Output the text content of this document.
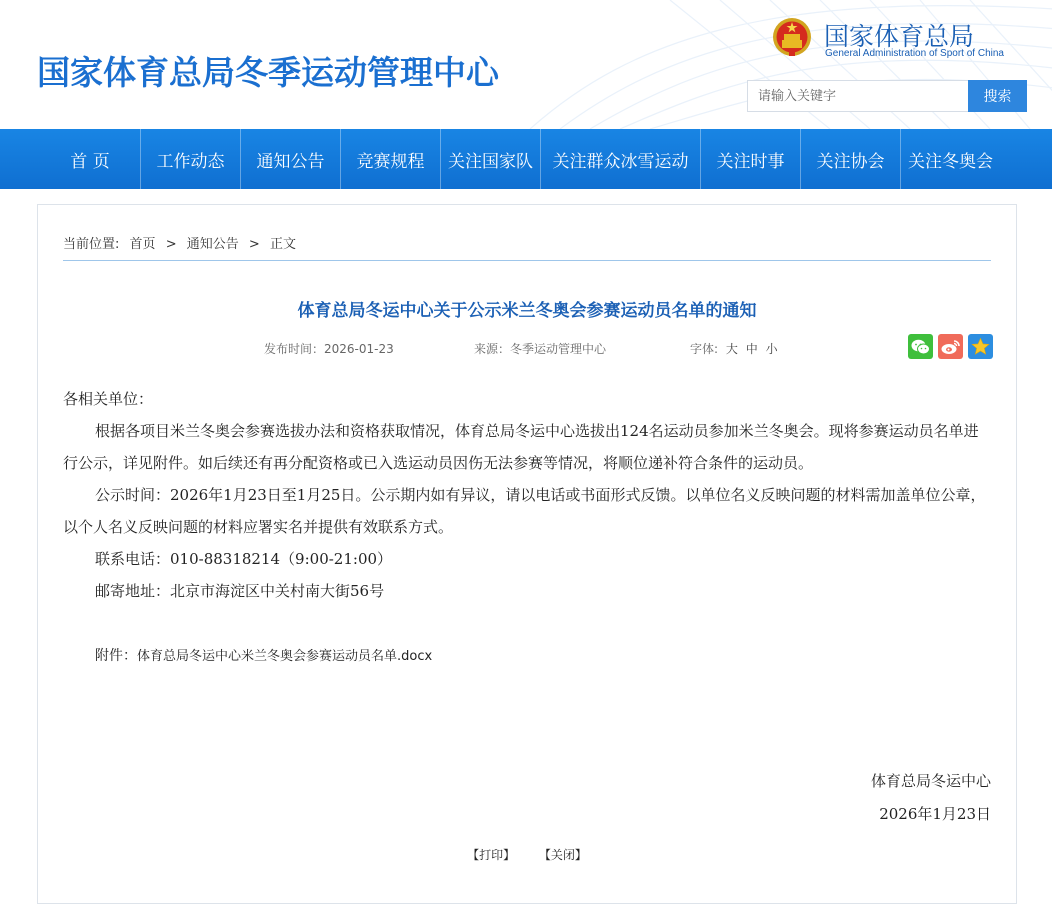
国家体育总局冬季运动管理中心
国家体育总局
General Administration of Sport of China
请输入关键字
搜索
首 页	工作动态	通知公告	竞赛规程	关注国家队	关注群众冰雪运动	关注时事	关注协会	关注冬奥会
当前位置: 首页 > 通知公告 > 正文
体育总局冬运中心关于公示米兰冬奥会参赛运动员名单的通知
发布时间：2026-01-23	来源：冬季运动管理中心	字体: 大 中 小

各相关单位：

根据各项目米兰冬奥会参赛选拔办法和资格获取情况，体育总局冬运中心选拔出124名运动员参加米兰冬奥会。现将参赛运动员名单进行公示，详见附件。如后续还有再分配资格或已入选运动员因伤无法参赛等情况，将顺位递补符合条件的运动员。

公示时间：2026年1月23日至1月25日。公示期内如有异议，请以电话或书面形式反馈。以单位名义反映问题的材料需加盖单位公章，以个人名义反映问题的材料应署实名并提供有效联系方式。

联系电话：010-88318214（9:00-21:00）

邮寄地址：北京市海淀区中关村南大街56号

附件：体育总局冬运中心米兰冬奥会参赛运动员名单.docx
体育总局冬运中心
2026年1月23日
【打印】 【关闭】
